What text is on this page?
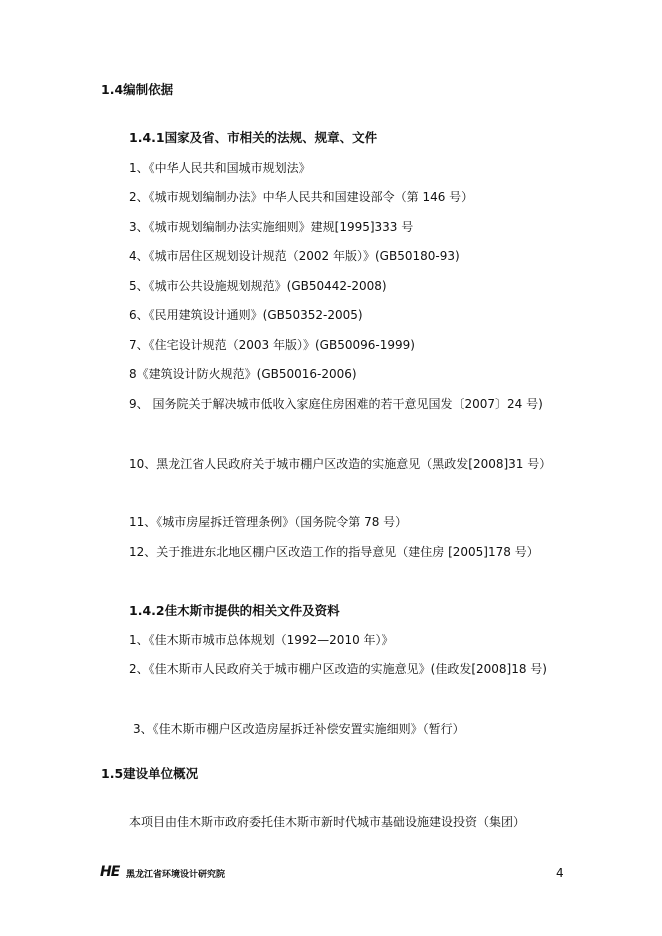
1.4编制依据
1.4.1国家及省、市相关的法规、规章、文件
1、《中华人民共和国城市规划法》
2、《城市规划编制办法》中华人民共和国建设部令（第 146 号）
3、《城市规划编制办法实施细则》建规[1995]333 号
4、《城市居住区规划设计规范（2002 年版）》(GB50180-93)
5、《城市公共设施规划规范》(GB50442-2008)
6、《民用建筑设计通则》(GB50352-2005)
7、《住宅设计规范（2003 年版）》(GB50096-1999)
8《建筑设计防火规范》(GB50016-2006)
9、 国务院关于解决城市低收入家庭住房困难的若干意见国发〔2007〕24 号)
10、黑龙江省人民政府关于城市棚户区改造的实施意见（黑政发[2008]31 号）
11、《城市房屋拆迁管理条例》（国务院令第 78 号）
12、关于推进东北地区棚户区改造工作的指导意见（建住房 [2005]178 号）
1.4.2佳木斯市提供的相关文件及资料
1、《佳木斯市城市总体规划（1992—2010 年）》
2、《佳木斯市人民政府关于城市棚户区改造的实施意见》(佳政发[2008]18 号)
3、《佳木斯市棚户区改造房屋拆迁补偿安置实施细则》（暂行）
1.5建设单位概况
本项目由佳木斯市政府委托佳木斯市新时代城市基础设施建设投资（集团）
HE 黑龙江省环境设计研究院	4
